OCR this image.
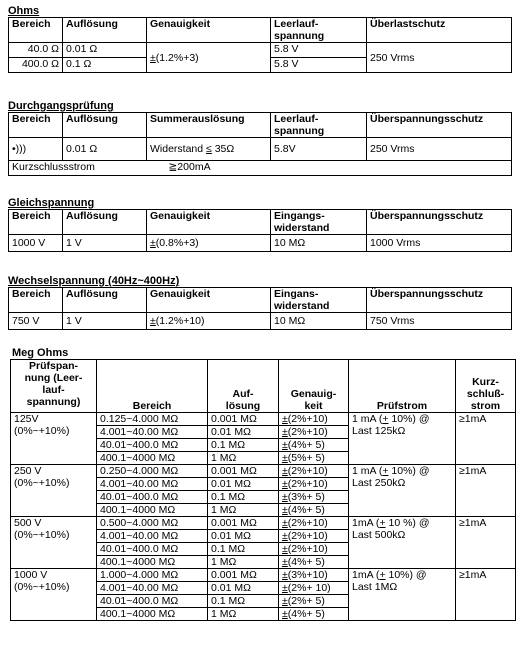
Ohms
Bereich	Auflösung	Genauigkeit	Leerlauf-
spannung	Überlastschutz
40.0 Ω	0.01 Ω	±(1.2%+3)	5.8 V	250 Vrms
400.0 Ω	0.1 Ω		5.8 V	
Durchgangsprüfung
Bereich	Auflösung	Summerauslösung	Leerlauf-
spannung	Überspannungsschutz
•)))	0.01 Ω	Widerstand ≤ 35Ω	5.8V	250 Vrms
Kurzschlussstrom		≧200mA		
Gleichspannung
Bereich	Auflösung	Genauigkeit	Eingangs-
widerstand	Überspannungsschutz
1000 V	1 V	±(0.8%+3)	10 MΩ	1000 Vrms
Wechselspannung (40Hz~400Hz)
Bereich	Auflösung	Genauigkeit	Eingans-
widerstand	Überspannungsschutz
750 V	1 V	±(1.2%+10)	10 MΩ	750 Vrms
Meg Ohms
Prüfspan-
nung (Leer-
lauf-
spannung)	Bereich	Auf-
lösung	Genauig-
keit	Prüfstrom	Kurz-
schluß-
strom
125V
(0%~+10%)	0.125~4.000 MΩ	0.001 MΩ	±(2%+10)	1 mA (+ 10%) @
Last 125kΩ	≥1mA
	4.001~40.00 MΩ	0.01 MΩ	±(2%+10)		
	40.01~400.0 MΩ	0.1 MΩ	±(4%+ 5)		
	400.1~4000 MΩ	1 MΩ	±(5%+ 5)		
250 V
(0%~+10%)	0.250~4.000 MΩ	0.001 MΩ	±(2%+10)	1 mA (+ 10%) @
Last 250kΩ	≥1mA
	4.001~40.00 MΩ	0.01 MΩ	±(2%+10)		
	40.01~400.0 MΩ	0.1 MΩ	±(3%+ 5)		
	400.1~4000 MΩ	1 MΩ	±(4%+ 5)		
500 V
(0%~+10%)	0.500~4.000 MΩ	0.001 MΩ	±(2%+10)	1mA (+ 10 %) @
Last 500kΩ	≥1mA
	4.001~40.00 MΩ	0.01 MΩ	±(2%+10)		
	40.01~400.0 MΩ	0.1 MΩ	±(2%+10)		
	400.1~4000 MΩ	1 MΩ	±(4%+ 5)		
1000 V
(0%~+10%)	1.000~4.000 MΩ	0.001 MΩ	±(3%+10)	1mA (+ 10%) @
Last 1MΩ	≥1mA
	4.001~40.00 MΩ	0.01 MΩ	±(2%+ 10)		
	40.01~400.0 MΩ	0.1 MΩ	±(2%+ 5)		
	400.1~4000 MΩ	1 MΩ	±(4%+ 5)		
